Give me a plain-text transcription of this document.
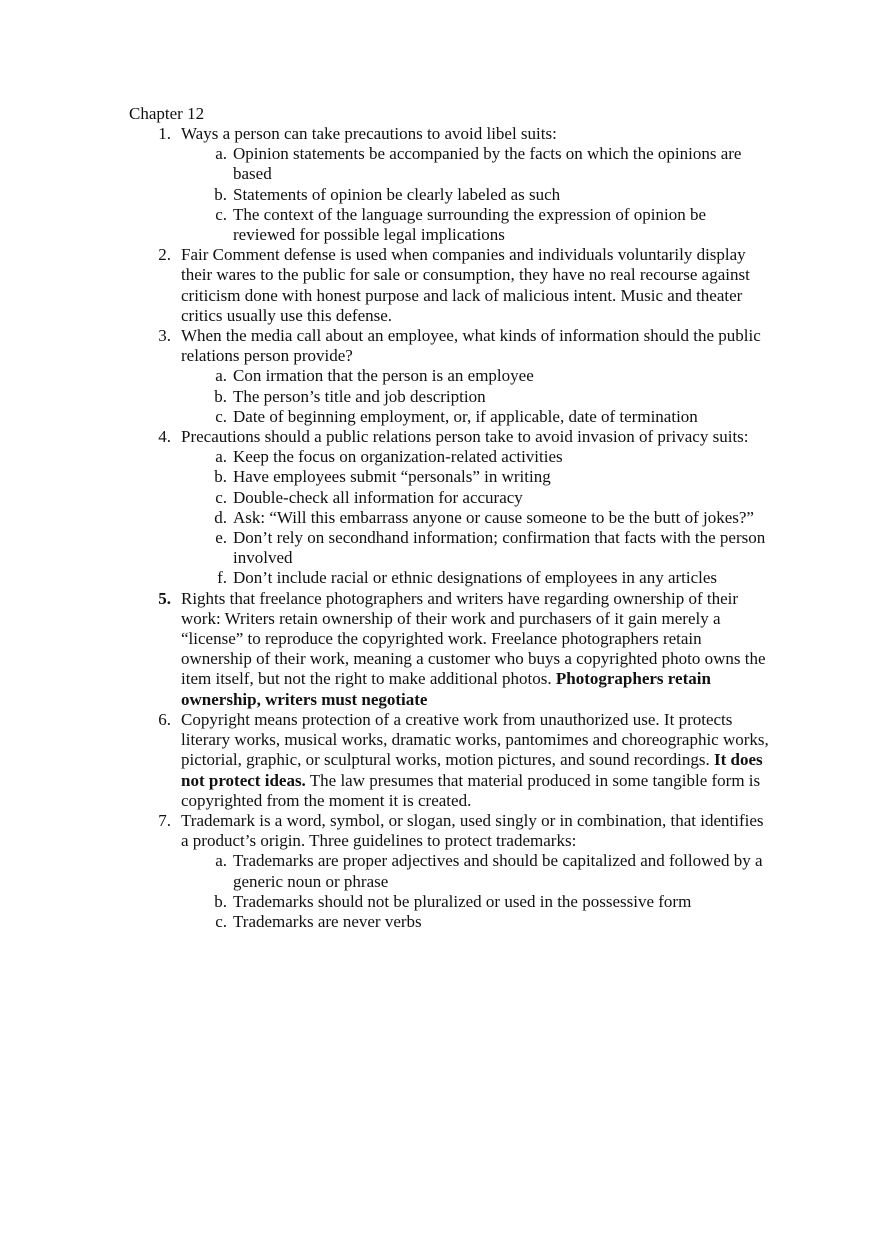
Chapter 12

1. Ways a person can take precautions to avoid libel suits:
a. Opinion statements be accompanied by the facts on which the opinions are based
b. Statements of opinion be clearly labeled as such
c. The context of the language surrounding the expression of opinion be reviewed for possible legal implications
2. Fair Comment defense is used when companies and individuals voluntarily display their wares to the public for sale or consumption, they have no real recourse against criticism done with honest purpose and lack of malicious intent. Music and theater critics usually use this defense.
3. When the media call about an employee, what kinds of information should the public relations person provide?
a. Con irmation that the person is an employee
b. The person’s title and job description
c. Date of beginning employment, or, if applicable, date of termination
4. Precautions should a public relations person take to avoid invasion of privacy suits:
a. Keep the focus on organization-related activities
b. Have employees submit “personals” in writing
c. Double-check all information for accuracy
d. Ask: “Will this embarrass anyone or cause someone to be the butt of jokes?”
e. Don’t rely on secondhand information; confirmation that facts with the person involved
f. Don’t include racial or ethnic designations of employees in any articles
5. Rights that freelance photographers and writers have regarding ownership of their work: Writers retain ownership of their work and purchasers of it gain merely a “license” to reproduce the copyrighted work. Freelance photographers retain ownership of their work, meaning a customer who buys a copyrighted photo owns the item itself, but not the right to make additional photos. Photographers retain ownership, writers must negotiate
6. Copyright means protection of a creative work from unauthorized use. It protects literary works, musical works, dramatic works, pantomimes and choreographic works, pictorial, graphic, or sculptural works, motion pictures, and sound recordings. It does not protect ideas. The law presumes that material produced in some tangible form is copyrighted from the moment it is created.
7. Trademark is a word, symbol, or slogan, used singly or in combination, that identifies a product’s origin. Three guidelines to protect trademarks:
a. Trademarks are proper adjectives and should be capitalized and followed by a generic noun or phrase
b. Trademarks should not be pluralized or used in the possessive form
c. Trademarks are never verbs
